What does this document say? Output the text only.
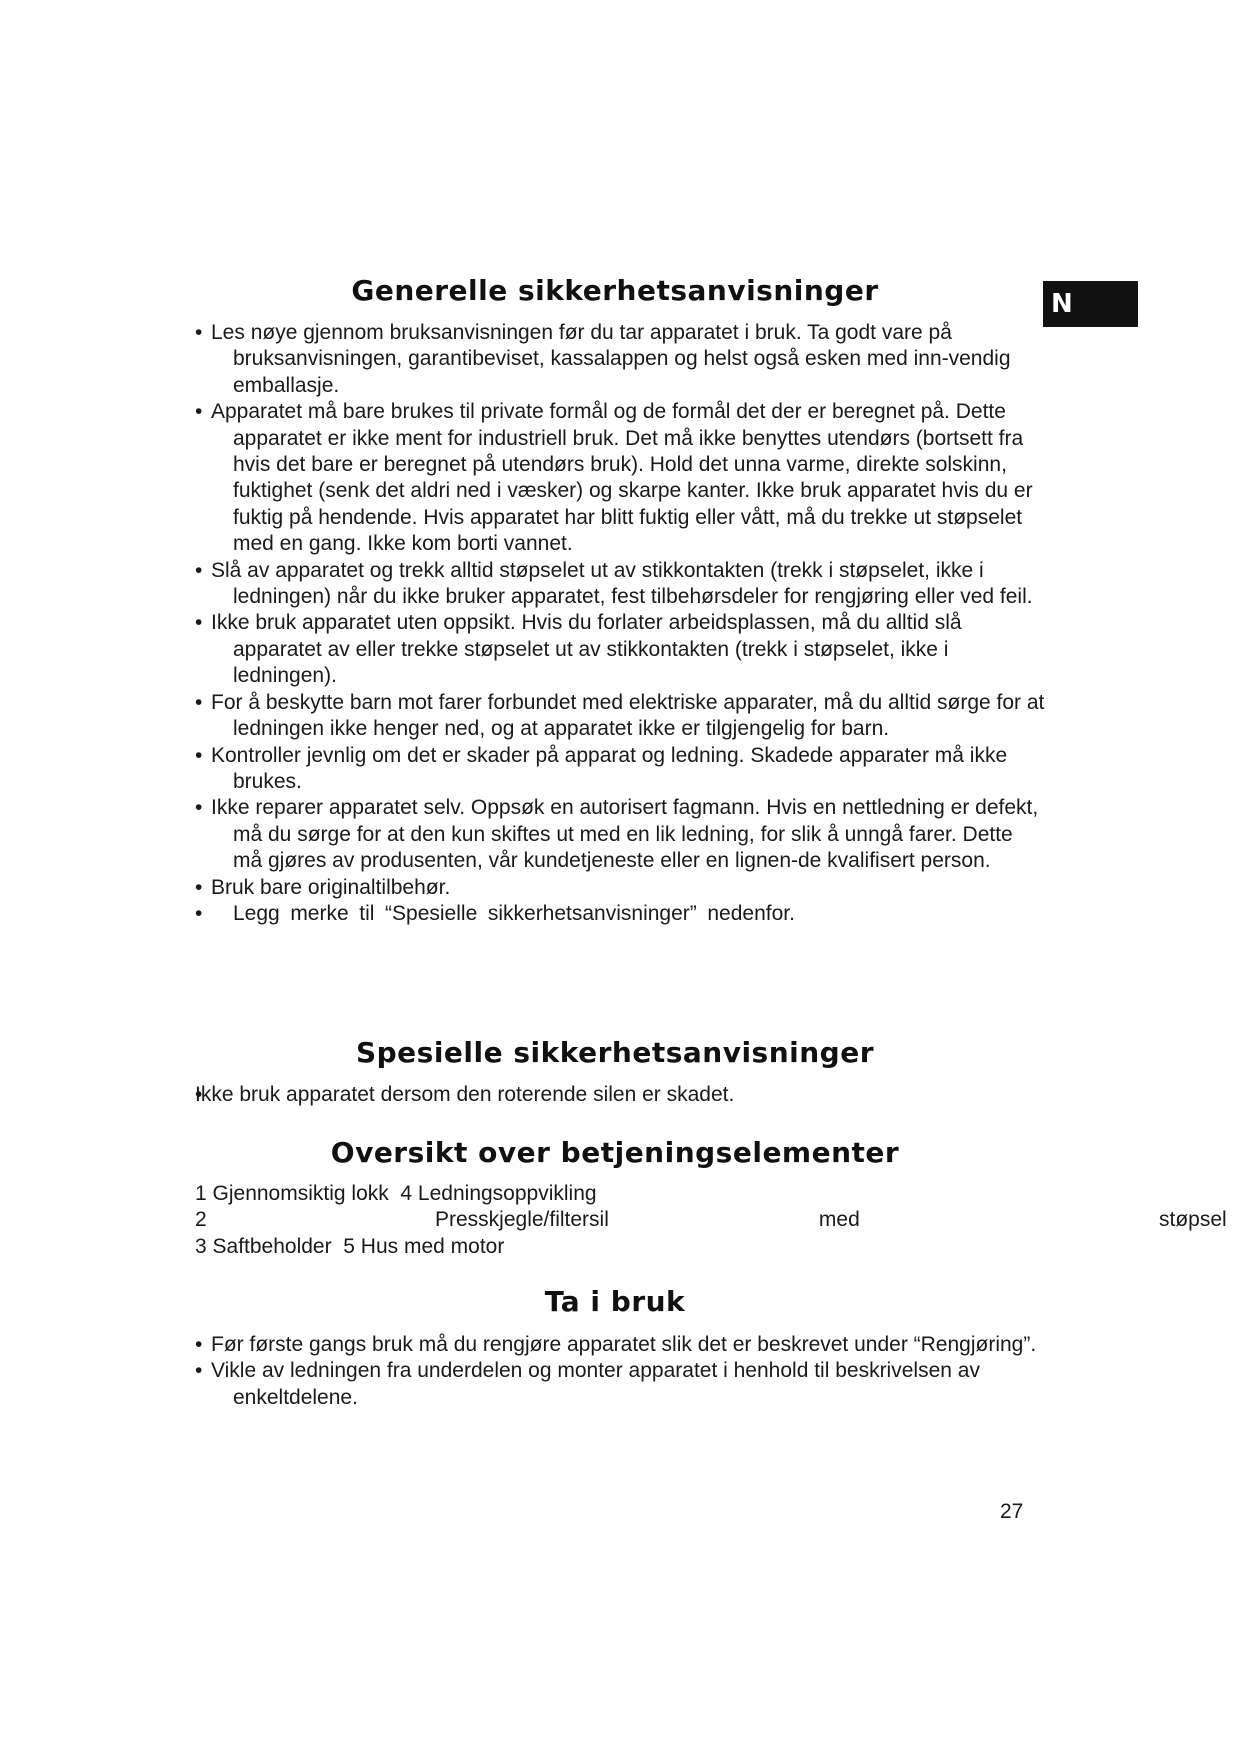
N
Generelle sikkerhetsanvisninger
• Les nøye gjennom bruksanvisningen før du tar apparatet i bruk. Ta godt vare på bruksanvisningen, garantibeviset, kassalappen og helst også esken med inn-vendig emballasje.
• Apparatet må bare brukes til private formål og de formål det der er beregnet på. Dette apparatet er ikke ment for industriell bruk. Det må ikke benyttes utendørs (bortsett fra hvis det bare er beregnet på utendørs bruk). Hold det unna varme, direkte solskinn, fuktighet (senk det aldri ned i væsker) og skarpe kanter. Ikke bruk apparatet hvis du er fuktig på hendende. Hvis apparatet har blitt fuktig eller vått, må du trekke ut støpselet med en gang. Ikke kom borti vannet.
• Slå av apparatet og trekk alltid støpselet ut av stikkontakten (trekk i støpselet, ikke i ledningen) når du ikke bruker apparatet, fest tilbehørsdeler for rengjøring eller ved feil.
• Ikke bruk apparatet uten oppsikt. Hvis du forlater arbeidsplassen, må du alltid slå apparatet av eller trekke støpselet ut av stikkontakten (trekk i støpselet, ikke i ledningen).
• For å beskytte barn mot farer forbundet med elektriske apparater, må du alltid sørge for at ledningen ikke henger ned, og at apparatet ikke er tilgjengelig for barn.
• Kontroller jevnlig om det er skader på apparat og ledning. Skadede apparater må ikke brukes.
• Ikke reparer apparatet selv. Oppsøk en autorisert fagmann. Hvis en nettledning er defekt, må du sørge for at den kun skiftes ut med en lik ledning, for slik å unngå farer. Dette må gjøres av produsenten, vår kundetjeneste eller en lignen-de kvalifisert person.
• Bruk bare originaltilbehør.
• Legg merke til “Spesielle sikkerhetsanvisninger” nedenfor.
Spesielle sikkerhetsanvisninger
• Ikke bruk apparatet dersom den roterende silen er skadet.
Oversikt over betjeningselementer
1 Gjennomsiktig lokk  4 Ledningsoppvikling
2	Presskjegle/filtersil	med	støpsel
3 Saftbeholder  5 Hus med motor
Ta i bruk
• Før første gangs bruk må du rengjøre apparatet slik det er beskrevet under “Rengjøring”.
• Vikle av ledningen fra underdelen og monter apparatet i henhold til beskrivelsen av enkeltdelene.
27
